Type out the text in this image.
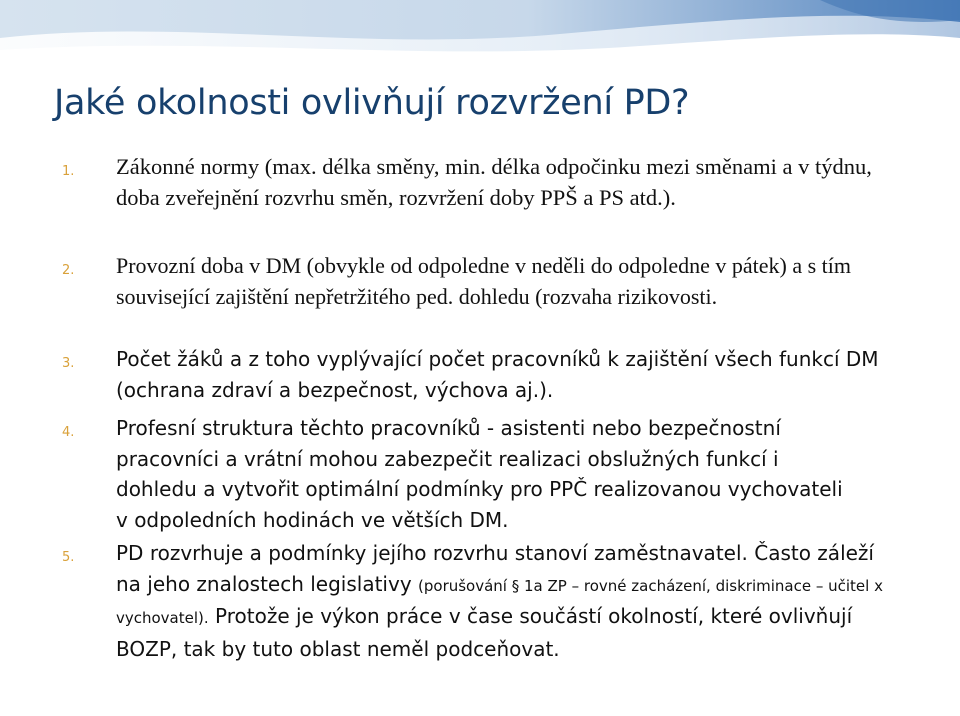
Jaké okolnosti ovlivňují rozvržení PD?
1. Zákonné normy (max. délka směny, min. délka odpočinku mezi směnami a v týdnu, doba zveřejnění rozvrhu směn, rozvržení doby PPŠ a PS atd.).
2. Provozní doba v DM (obvykle od odpoledne v neděli do odpoledne v pátek) a s tím související zajištění nepřetržitého ped. dohledu (rozvaha rizikovosti.
3. Počet žáků a z toho vyplývající počet pracovníků k zajištění všech funkcí DM (ochrana zdraví a bezpečnost, výchova aj.).
4. Profesní struktura těchto pracovníků - asistenti nebo bezpečnostní pracovníci a vrátní mohou zabezpečit realizaci obslužných funkcí i dohledu a vytvořit optimální podmínky pro PPČ realizovanou vychovateli v odpoledních hodinách ve větších DM.
5. PD rozvrhuje a podmínky jejího rozvrhu stanoví zaměstnavatel. Často záleží na jeho znalostech legislativy (porušování § 1a ZP – rovné zacházení, diskriminace – učitel x vychovatel). Protože je výkon práce v čase součástí okolností, které ovlivňují BOZP, tak by tuto oblast neměl podceňovat.
